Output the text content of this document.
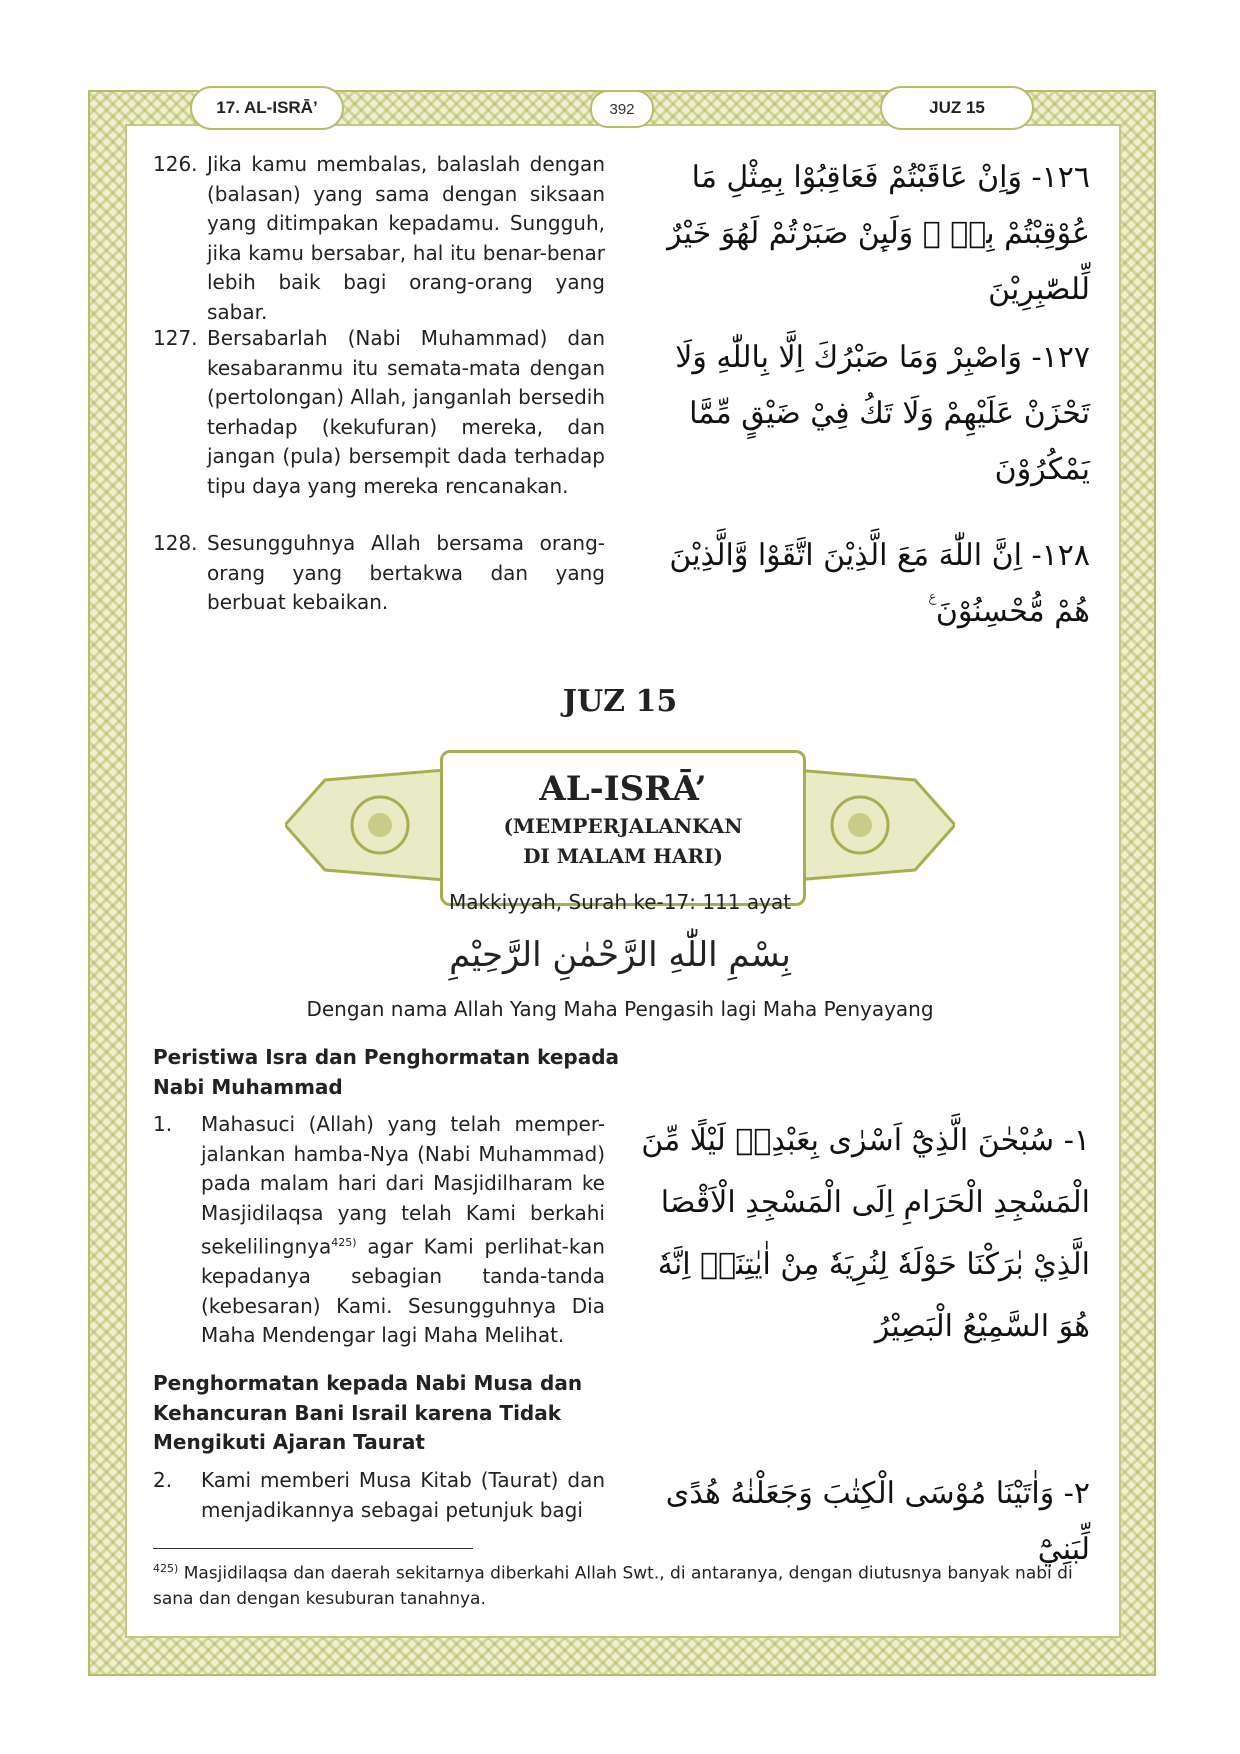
17. AL-ISRĀ’	392	JUZ 15
126. Jika kamu membalas, balaslah dengan (balasan) yang sama dengan siksaan yang ditimpakan kepadamu. Sungguh, jika kamu bersabar, hal itu benar-benar lebih baik bagi orang-orang yang sabar.
١٢٦- وَاِنْ عَاقَبْتُمْ فَعَاقِبُوْا بِمِثْلِ مَا عُوْقِبْتُمْ بِهٖ ۗ وَلَىِٕنْ صَبَرْتُمْ لَهُوَ خَيْرٌ لِّلصّٰبِرِيْنَ
127. Bersabarlah (Nabi Muhammad) dan kesabaranmu itu semata-mata dengan (pertolongan) Allah, janganlah bersedih terhadap (kekufuran) mereka, dan jangan (pula) bersempit dada terhadap tipu daya yang mereka rencanakan.
١٢٧- وَاصْبِرْ وَمَا صَبْرُكَ اِلَّا بِاللّٰهِ وَلَا تَحْزَنْ عَلَيْهِمْ وَلَا تَكُ فِيْ ضَيْقٍ مِّمَّا يَمْكُرُوْنَ
128. Sesungguhnya Allah bersama orang-orang yang bertakwa dan yang berbuat kebaikan.
١٢٨- اِنَّ اللّٰهَ مَعَ الَّذِيْنَ اتَّقَوْا وَّالَّذِيْنَ هُمْ مُّحْسِنُوْنَ ࣖ
JUZ 15
AL-ISRĀ’
(MEMPERJALANKAN
DI MALAM HARI)
Makkiyyah, Surah ke-17: 111 ayat
بِسْمِ اللّٰهِ الرَّحْمٰنِ الرَّحِيْمِ
Dengan nama Allah Yang Maha Pengasih lagi Maha Penyayang
Peristiwa Isra dan Penghormatan kepada
Nabi Muhammad
1. Mahasuci (Allah) yang telah memper-jalankan hamba-Nya (Nabi Muhammad) pada malam hari dari Masjidilharam ke Masjidilaqsa yang telah Kami berkahi sekelilingnya$^{425)}$ agar Kami perlihat-kan kepadanya sebagian tanda-tanda (kebesaran) Kami. Sesungguhnya Dia Maha Mendengar lagi Maha Melihat.
١- سُبْحٰنَ الَّذِيْٓ اَسْرٰى بِعَبْدِهٖ لَيْلًا مِّنَ الْمَسْجِدِ الْحَرَامِ اِلَى الْمَسْجِدِ الْاَقْصَا الَّذِيْ بٰرَكْنَا حَوْلَهٗ لِنُرِيَهٗ مِنْ اٰيٰتِنَاۗ اِنَّهٗ هُوَ السَّمِيْعُ الْبَصِيْرُ
Penghormatan kepada Nabi Musa dan
Kehancuran Bani Israil karena Tidak
Mengikuti Ajaran Taurat
2. Kami memberi Musa Kitab (Taurat) dan menjadikannya sebagai petunjuk bagi	٢- وَاٰتَيْنَا مُوْسَى الْكِتٰبَ وَجَعَلْنٰهُ هُدًى لِّبَنِيْٓ
$^{425)}$ Masjidilaqsa dan daerah sekitarnya diberkahi Allah Swt., di antaranya, dengan diutusnya banyak nabi di sana dan dengan kesuburan tanahnya.
